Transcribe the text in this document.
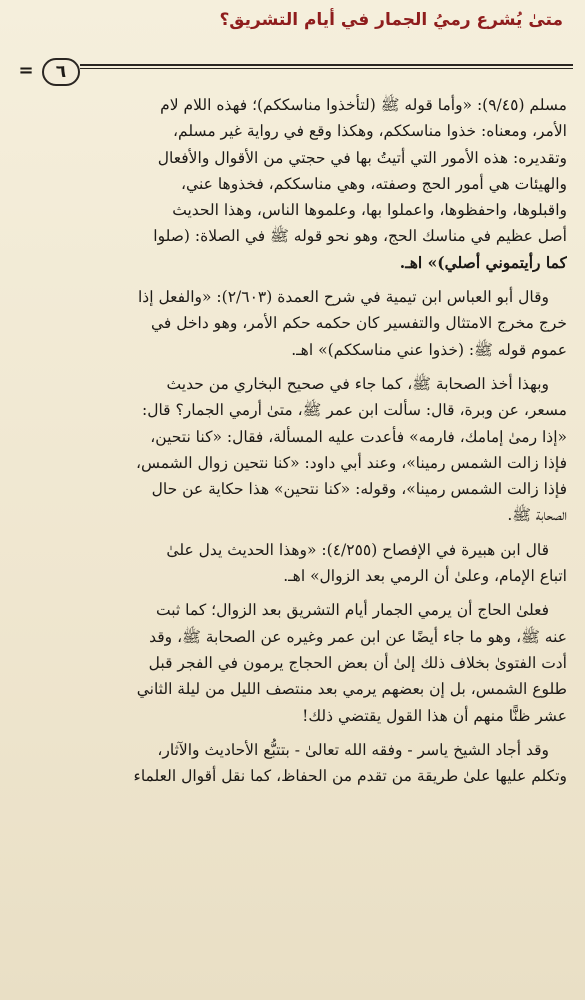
متىٰ يُشرع رميُ الجمار في أيام التشريق؟
٦
=
مسلم (٩/٤٥): «وأما قوله ﷺ (لتأخذوا مناسككم)؛ فهذه اللام لام
الأمر، ومعناه: خذوا مناسككم، وهكذا وقع في رواية غير مسلم،
وتقديره: هذه الأمور التي أتيتُ بها في حجتي من الأقوال والأفعال
والهيئات هي أمور الحج وصفته، وهي مناسككم، فخذوها عني،
واقبلوها، واحفظوها، واعملوا بها، وعلموها الناس، وهذا الحديث
أصل عظيم في مناسك الحج، وهو نحو قوله ﷺ في الصلاة: (صلوا
كما رأيتموني أصلي)» اهـ.
وقال أبو العباس ابن تيمية في شرح العمدة (٢/٦٠٣): «والفعل إذا
خرج مخرج الامتثال والتفسير كان حكمه حكم الأمر، وهو داخل في
عموم قوله ﷺ: (خذوا عني مناسككم)» اهـ.
وبهذا أخذ الصحابة ﷺ، كما جاء في صحيح البخاري من حديث
مسعر، عن وبرة، قال: سألت ابن عمر ﷺ، متىٰ أرمي الجمار؟ قال:
«إذا رمىٰ إمامك، فارمه» فأعدت عليه المسألة، فقال: «كنا نتحين،
فإذا زالت الشمس رمينا»، وعند أبي داود: «كنا نتحين زوال الشمس،
فإذا زالت الشمس رمينا»، وقوله: «كنا نتحين» هذا حكاية عن حال
الصحابة ﷺ.
قال ابن هبيرة في الإفصاح (٤/٢٥٥): «وهذا الحديث يدل علىٰ
اتباع الإمام، وعلىٰ أن الرمي بعد الزوال» اهـ.
فعلىٰ الحاج أن يرمي الجمار أيام التشريق بعد الزوال؛ كما ثبت
عنه ﷺ، وهو ما جاء أيضًا عن ابن عمر وغيره عن الصحابة ﷺ، وقد
أدت الفتوىٰ بخلاف ذلك إلىٰ أن بعض الحجاج يرمون في الفجر قبل
طلوع الشمس، بل إن بعضهم يرمي بعد منتصف الليل من ليلة الثاني
عشر ظنًّا منهم أن هذا القول يقتضي ذلك!
وقد أجاد الشيخ ياسر - وفقه الله تعالىٰ - بتتبُّع الأحاديث والآثار،
وتكلم عليها علىٰ طريقة من تقدم من الحفاظ، كما نقل أقوال العلماء
